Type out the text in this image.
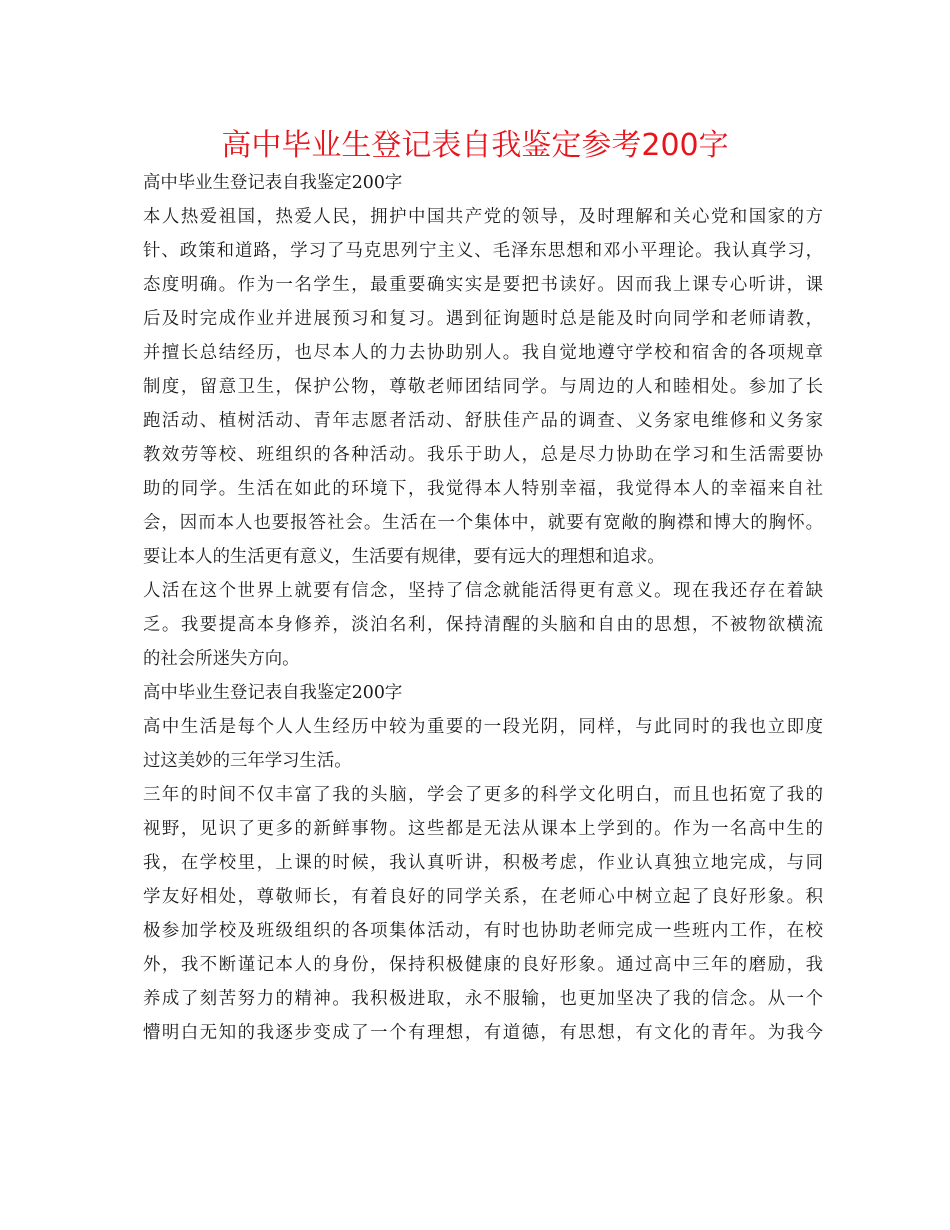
高中毕业生登记表自我鉴定参考200字
高中毕业生登记表自我鉴定200字
本人热爱祖国，热爱人民，拥护中国共产党的领导，及时理解和关心党和国家的方
针、政策和道路，学习了马克思列宁主义、毛泽东思想和邓小平理论。我认真学习，
态度明确。作为一名学生，最重要确实实是要把书读好。因而我上课专心听讲，课
后及时完成作业并进展预习和复习。遇到征询题时总是能及时向同学和老师请教，
并擅长总结经历，也尽本人的力去协助别人。我自觉地遵守学校和宿舍的各项规章
制度，留意卫生，保护公物，尊敬老师团结同学。与周边的人和睦相处。参加了长
跑活动、植树活动、青年志愿者活动、舒肤佳产品的调查、义务家电维修和义务家
教效劳等校、班组织的各种活动。我乐于助人，总是尽力协助在学习和生活需要协
助的同学。生活在如此的环境下，我觉得本人特别幸福，我觉得本人的幸福来自社
会，因而本人也要报答社会。生活在一个集体中，就要有宽敞的胸襟和博大的胸怀。
要让本人的生活更有意义，生活要有规律，要有远大的理想和追求。
人活在这个世界上就要有信念，坚持了信念就能活得更有意义。现在我还存在着缺
乏。我要提高本身修养，淡泊名利，保持清醒的头脑和自由的思想，不被物欲横流
的社会所迷失方向。
高中毕业生登记表自我鉴定200字
高中生活是每个人人生经历中较为重要的一段光阴，同样，与此同时的我也立即度
过这美妙的三年学习生活。
三年的时间不仅丰富了我的头脑，学会了更多的科学文化明白，而且也拓宽了我的
视野，见识了更多的新鲜事物。这些都是无法从课本上学到的。作为一名高中生的
我，在学校里，上课的时候，我认真听讲，积极考虑，作业认真独立地完成，与同
学友好相处，尊敬师长，有着良好的同学关系，在老师心中树立起了良好形象。积
极参加学校及班级组织的各项集体活动，有时也协助老师完成一些班内工作，在校
外，我不断谨记本人的身份，保持积极健康的良好形象。通过高中三年的磨励，我
养成了刻苦努力的精神。我积极进取，永不服输，也更加坚决了我的信念。从一个
懵明白无知的我逐步变成了一个有理想，有道德，有思想，有文化的青年。为我今
